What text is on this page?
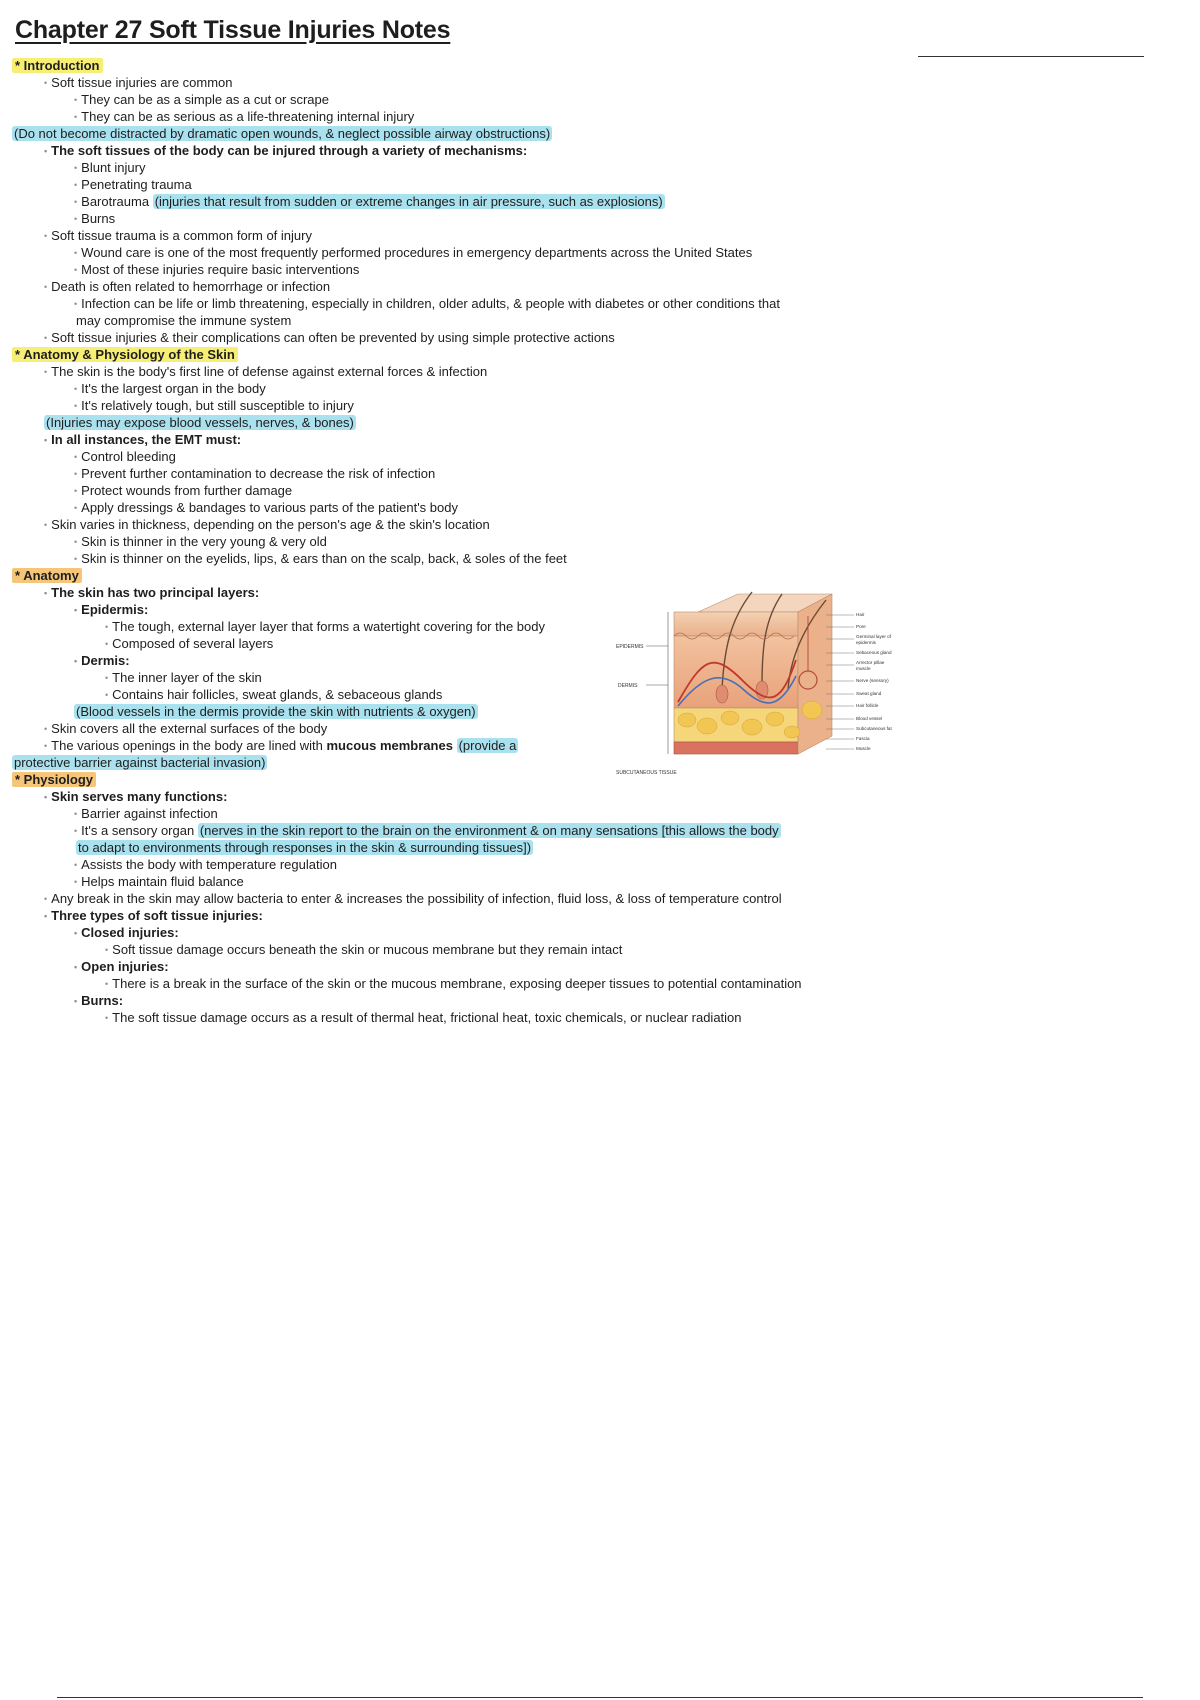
Chapter 27 Soft Tissue Injuries Notes
* Introduction
• Soft tissue injuries are common
• They can be as a simple as a cut or scrape
• They can be as serious as a life-threatening internal injury
(Do not become distracted by dramatic open wounds, & neglect possible airway obstructions)
• The soft tissues of the body can be injured through a variety of mechanisms:
• Blunt injury
• Penetrating trauma
• Barotrauma (injuries that result from sudden or extreme changes in air pressure, such as explosions)
• Burns
• Soft tissue trauma is a common form of injury
• Wound care is one of the most frequently performed procedures in emergency departments across the United States
• Most of these injuries require basic interventions
• Death is often related to hemorrhage or infection
• Infection can be life or limb threatening, especially in children, older adults, & people with diabetes or other conditions that
may compromise the immune system
• Soft tissue injuries & their complications can often be prevented by using simple protective actions
* Anatomy & Physiology of the Skin
• The skin is the body's first line of defense against external forces & infection
• It's the largest organ in the body
• It's relatively tough, but still susceptible to injury
(Injuries may expose blood vessels, nerves, & bones)
• In all instances, the EMT must:
• Control bleeding
• Prevent further contamination to decrease the risk of infection
• Protect wounds from further damage
• Apply dressings & bandages to various parts of the patient's body
• Skin varies in thickness, depending on the person's age & the skin's location
• Skin is thinner in the very young & very old
• Skin is thinner on the eyelids, lips, & ears than on the scalp, back, & soles of the feet
* Anatomy
• The skin has two principal layers:
• Epidermis:
• The tough, external layer layer that forms a watertight covering for the body
• Composed of several layers
• Dermis:
• The inner layer of the skin
• Contains hair follicles, sweat glands, & sebaceous glands
(Blood vessels in the dermis provide the skin with nutrients & oxygen)
• Skin covers all the external surfaces of the body
• The various openings in the body are lined with mucous membranes (provide a
protective barrier against bacterial invasion)
* Physiology
• Skin serves many functions:
• Barrier against infection
• It's a sensory organ (nerves in the skin report to the brain on the environment & on many sensations [this allows the body
to adapt to environments through responses in the skin & surrounding tissues])
• Assists the body with temperature regulation
• Helps maintain fluid balance
• Any break in the skin may allow bacteria to enter & increases the possibility of infection, fluid loss, & loss of temperature control
• Three types of soft tissue injuries:
• Closed injuries:
• Soft tissue damage occurs beneath the skin or mucous membrane but they remain intact
• Open injuries:
• There is a break in the surface of the skin or the mucous membrane, exposing deeper tissues to potential contamination
• Burns:
• The soft tissue damage occurs as a result of thermal heat, frictional heat, toxic chemicals, or nuclear radiation
EPIDERMIS
DERMIS
SUBCUTANEOUS TISSUE
Hair
Pore
Germinal layer of
epidermis
Sebaceous gland
Arrector pillae
muscle
Nerve (sensory)
Sweat gland
Hair follicle
Blood vessel
Subcutaneous fat
Fascia
Muscle
